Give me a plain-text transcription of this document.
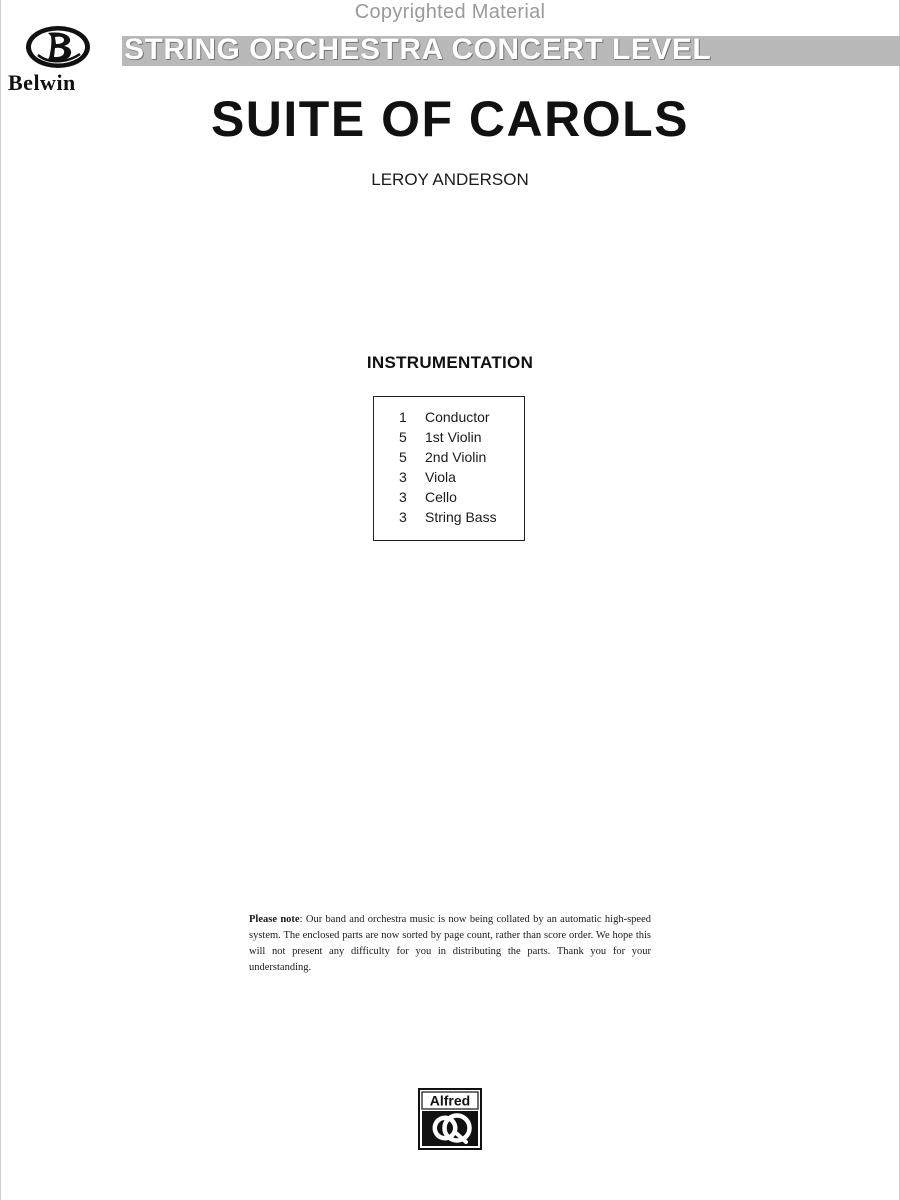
Copyrighted Material
Belwin
STRING ORCHESTRA CONCERT LEVEL
SUITE OF CAROLS
LEROY ANDERSON
INSTRUMENTATION
1	Conductor
5	1st Violin
5	2nd Violin
3	Viola
3	Cello
3	String Bass
Please note: Our band and orchestra music is now being collated by an automatic high-speed system. The enclosed parts are now sorted by page count, rather than score order. We hope this will not present any difficulty for you in distributing the parts. Thank you for your understanding.
Alfred
